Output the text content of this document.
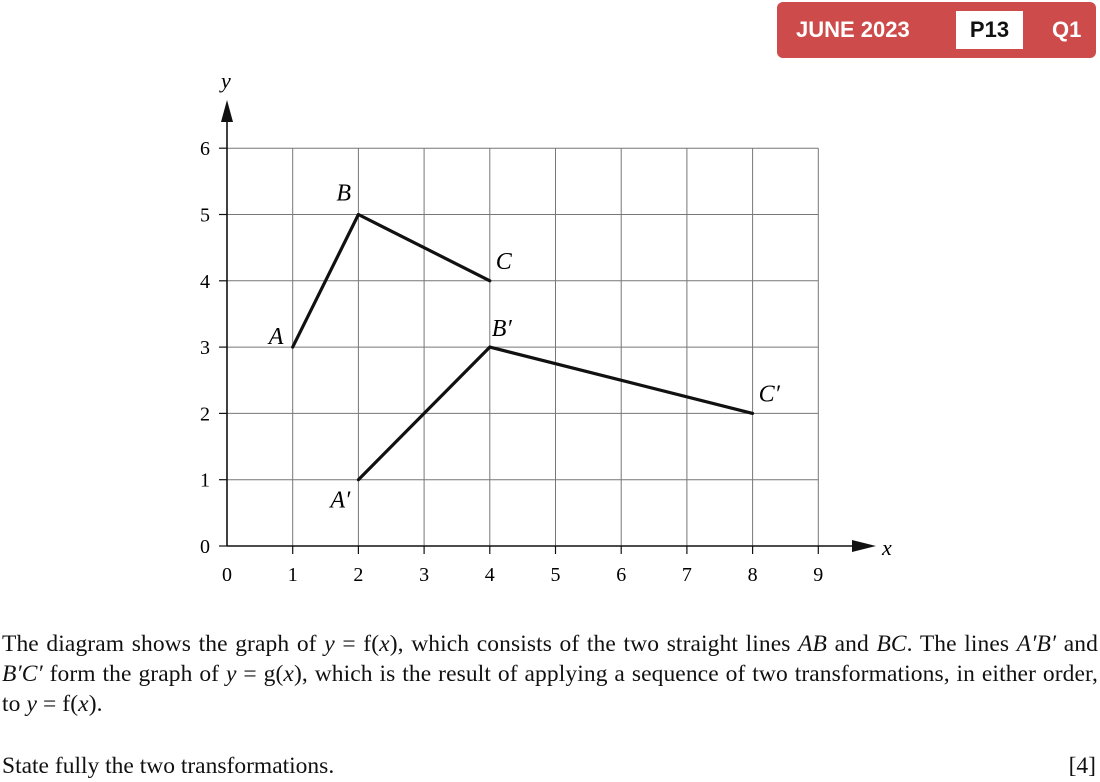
JUNE 2023	P13	Q1
x
y
0	1	2	3	4	5	6	7	8	9
0
1
2
3
4
5
6
A
B
C
A′
B′
C′
The diagram shows the graph of y = f(x), which consists of the two straight lines AB and BC. The lines A′B′ and B′C′ form the graph of y = g(x), which is the result of applying a sequence of two transformations, in either order, to y = f(x).
State fully the two transformations.	[4]
